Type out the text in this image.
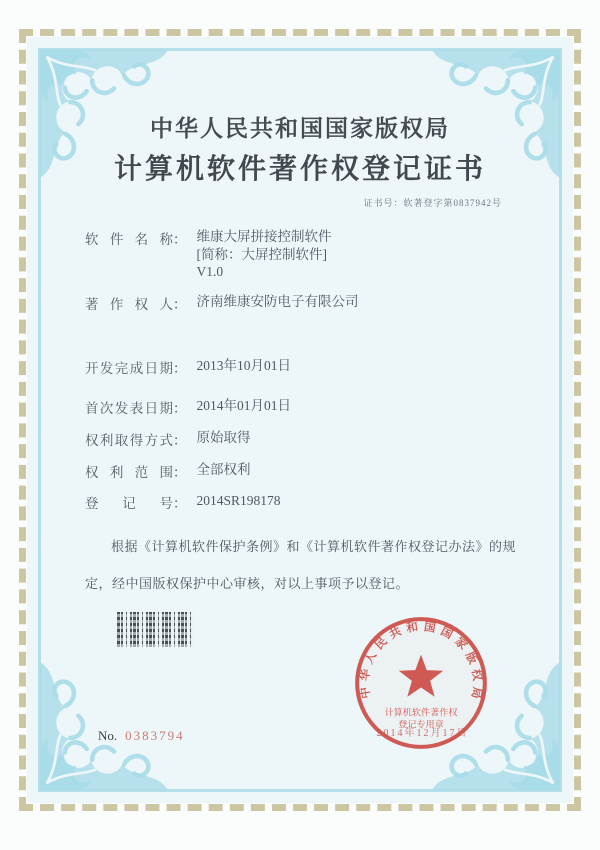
中华人民共和国国家版权局
计算机软件著作权登记证书
证书号：软著登字第0837942号
软件名称 ： 维康大屏拼接控制软件
[简称：大屏控制软件]
V1.0
著作权人 ： 济南维康安防电子有限公司
开发完成日期 ： 2013年10月01日
首次发表日期 ： 2014年01月01日
权利取得方式 ： 原始取得
权利范围 ： 全部权利
登记号 ： 2014SR198178
根据《计算机软件保护条例》和《计算机软件著作权登记办法》的规定，经中国版权保护中心审核，对以上事项予以登记。
中华人民共和国国家版权局
计算机软件著作权
登记专用章
2014年12月17日
No. 0383794
